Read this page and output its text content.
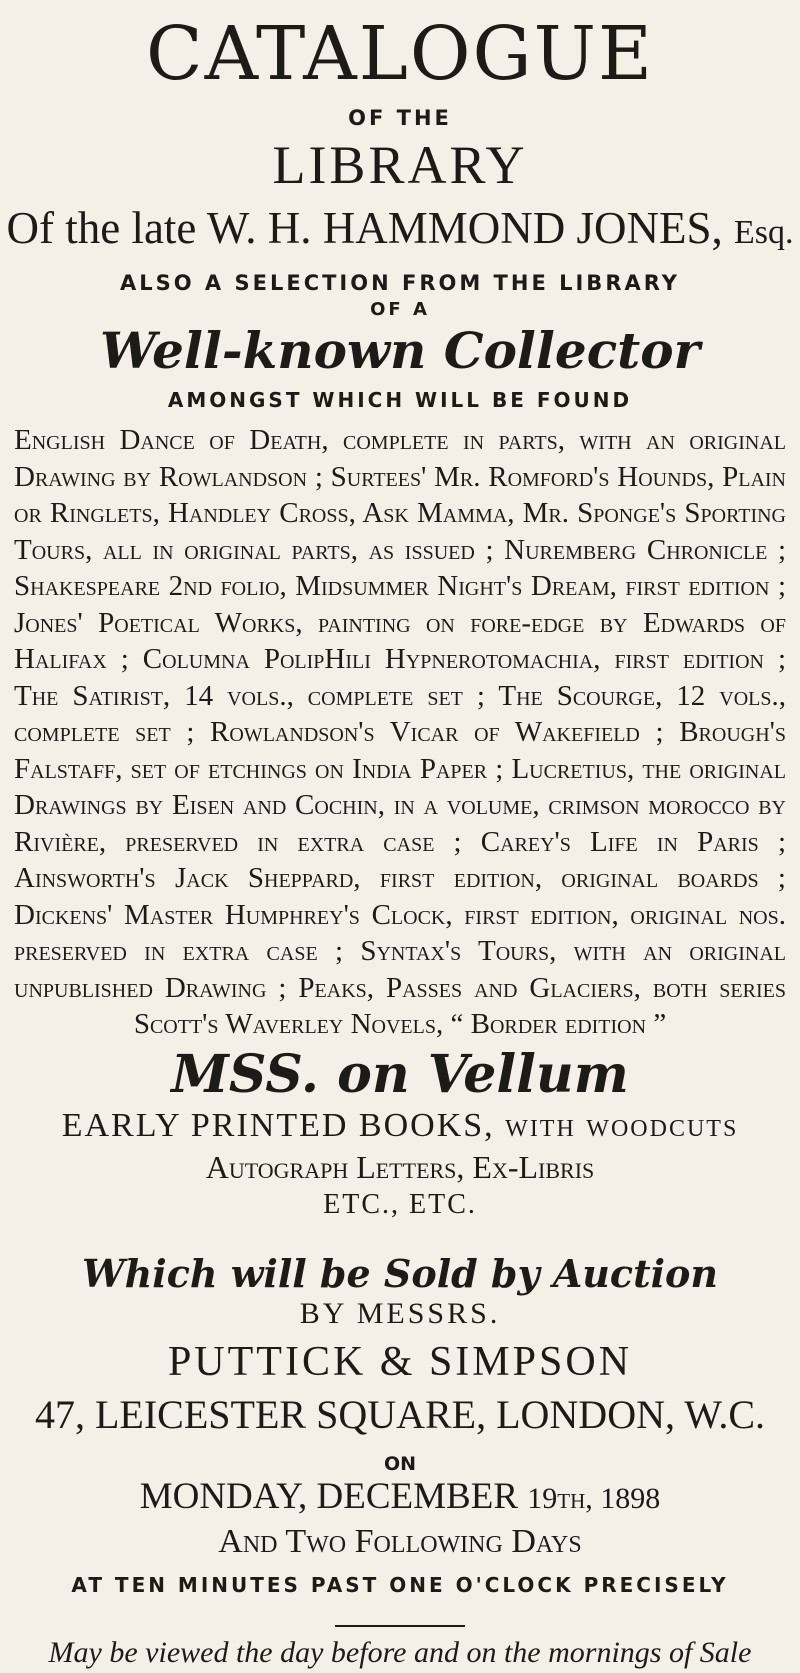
CATALOGUE
OF THE
LIBRARY
Of the late W. H. HAMMOND JONES, Esq.
ALSO A SELECTION FROM THE LIBRARY
OF A
Well-known Collector
AMONGST WHICH WILL BE FOUND

English Dance of Death, complete in parts, with an original Drawing by Rowlandson ; Surtees' Mr. Romford's Hounds, Plain or Ringlets, Handley Cross, Ask Mamma, Mr. Sponge's Sporting Tours, all in original parts, as issued ; Nuremberg Chronicle ; Shakespeare 2nd folio, Midsummer Night's Dream, first edition ; Jones' Poetical Works, painting on fore-edge by Edwards of Halifax ; Columna PolipHili Hypnerotomachia, first edition ; The Satirist, 14 vols., complete set ; The Scourge, 12 vols., complete set ; Rowlandson's Vicar of Wakefield ; Brough's Falstaff, set of etchings on India Paper ; Lucretius, the original Drawings by Eisen and Cochin, in a volume, crimson morocco by Rivière, preserved in extra case ; Carey's Life in Paris ; Ainsworth's Jack Sheppard, first edition, original boards ; Dickens' Master Humphrey's Clock, first edition, original nos. preserved in extra case ; Syntax's Tours, with an original unpublished Drawing ; Peaks, Passes and Glaciers, both series Scott's Waverley Novels, “ Border edition ”

MSS. on Vellum
EARLY PRINTED BOOKS, with woodcuts
Autograph Letters, Ex-Libris
ETC., ETC.
Which will be Sold by Auction
BY MESSRS.
PUTTICK & SIMPSON
47, LEICESTER SQUARE, LONDON, W.C.
ON
MONDAY, DECEMBER 19th, 1898
And Two Following Days
AT TEN MINUTES PAST ONE O'CLOCK PRECISELY
May be viewed the day before and on the mornings of Sale
